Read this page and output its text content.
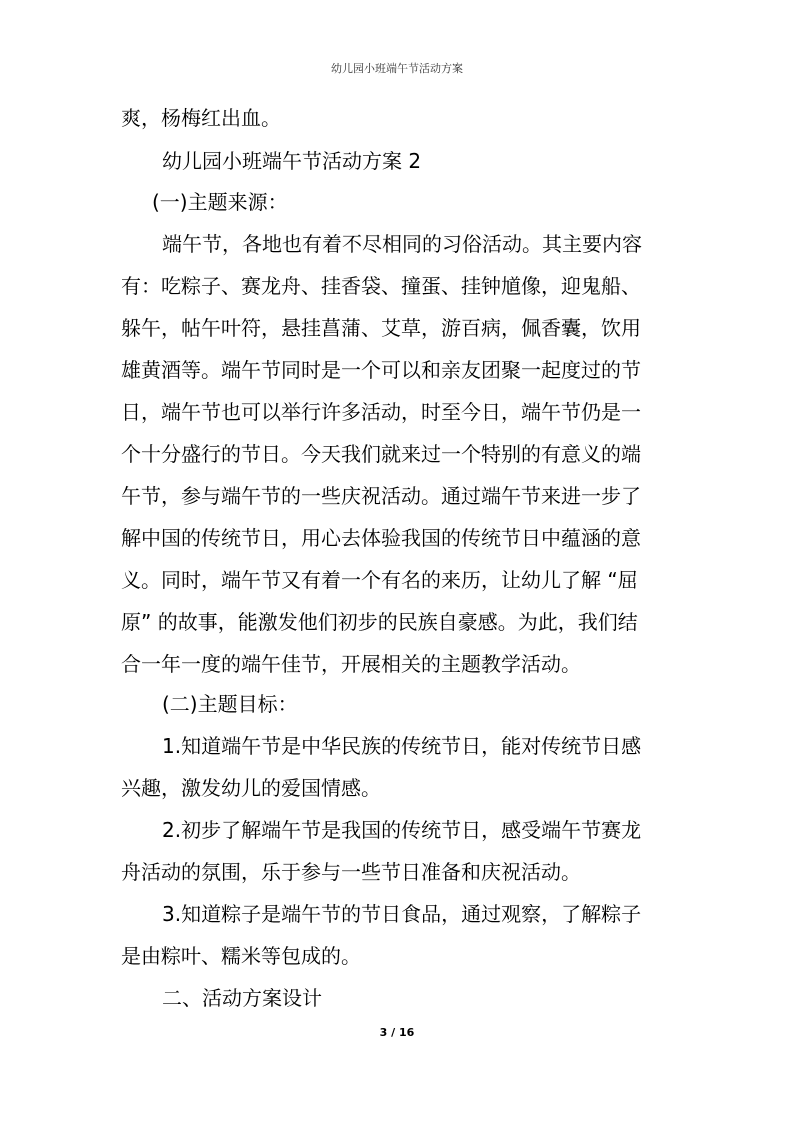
幼儿园小班端午节活动方案
爽，杨梅红出血。
幼儿园小班端午节活动方案 2
(一)主题来源：
端午节，各地也有着不尽相同的习俗活动。其主要内容
有：吃粽子、赛龙舟、挂香袋、撞蛋、挂钟馗像，迎鬼船、
躲午，帖午叶符，悬挂菖蒲、艾草，游百病，佩香囊，饮用
雄黄酒等。端午节同时是一个可以和亲友团聚一起度过的节
日，端午节也可以举行许多活动，时至今日，端午节仍是一
个十分盛行的节日。今天我们就来过一个特别的有意义的端
午节，参与端午节的一些庆祝活动。通过端午节来进一步了
解中国的传统节日，用心去体验我国的传统节日中蕴涵的意
义。同时，端午节又有着一个有名的来历，让幼儿了解 “屈
原” 的故事，能激发他们初步的民族自豪感。为此，我们结
合一年一度的端午佳节，开展相关的主题教学活动。
(二)主题目标：
1.知道端午节是中华民族的传统节日，能对传统节日感
兴趣，激发幼儿的爱国情感。
2.初步了解端午节是我国的传统节日，感受端午节赛龙
舟活动的氛围，乐于参与一些节日准备和庆祝活动。
3.知道粽子是端午节的节日食品，通过观察，了解粽子
是由粽叶、糯米等包成的。
二、活动方案设计
3 / 16
